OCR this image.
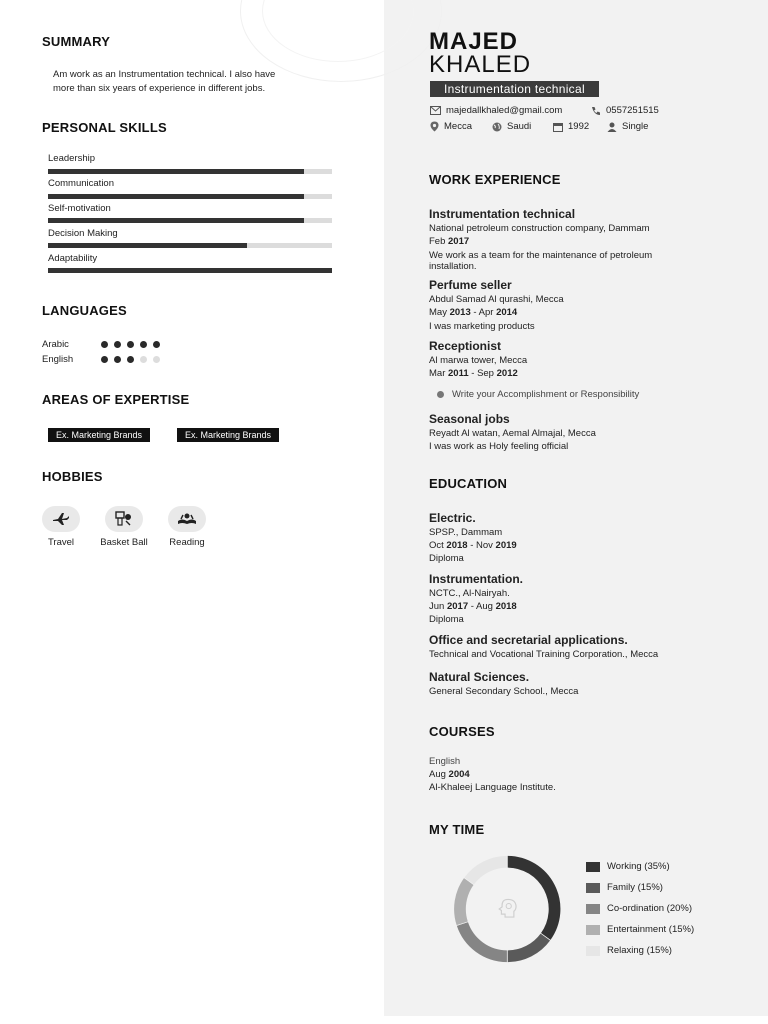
SUMMARY
Am work as an Instrumentation technical. I also have
more than six years of experience in different jobs.
PERSONAL SKILLS
Leadership
Communication
Self-motivation
Decision Making
Adaptability
LANGUAGES
Arabic
English
AREAS OF EXPERTISE
Ex. Marketing Brands	Ex. Marketing Brands
HOBBIES
Travel	Basket Ball	Reading
MAJED
KHALED
Instrumentation technical
majedallkhaled@gmail.com	0557251515
Mecca	Saudi	1992	Single
WORK EXPERIENCE
Instrumentation technical
National petroleum construction company, Dammam
Feb 2017
We work as a team for the maintenance of petroleum
installation.
Perfume seller
Abdul Samad Al qurashi, Mecca
May 2013 - Apr 2014
I was marketing products
Receptionist
Al marwa tower, Mecca
Mar 2011 - Sep 2012
Write your Accomplishment or Responsibility
Seasonal jobs
Reyadt Al watan, Aemal Almajal, Mecca
I was work as Holy feeling official
EDUCATION
Electric.
SPSP., Dammam
Oct 2018 - Nov 2019
Diploma
Instrumentation.
NCTC., Al-Nairyah.
Jun 2017 - Aug 2018
Diploma
Office and secretarial applications.
Technical and Vocational Training Corporation., Mecca
Natural Sciences.
General Secondary School., Mecca
COURSES
English
Aug 2004
Al-Khaleej Language Institute.
MY TIME
Working (35%)
Family (15%)
Co-ordination (20%)
Entertainment (15%)
Relaxing (15%)
